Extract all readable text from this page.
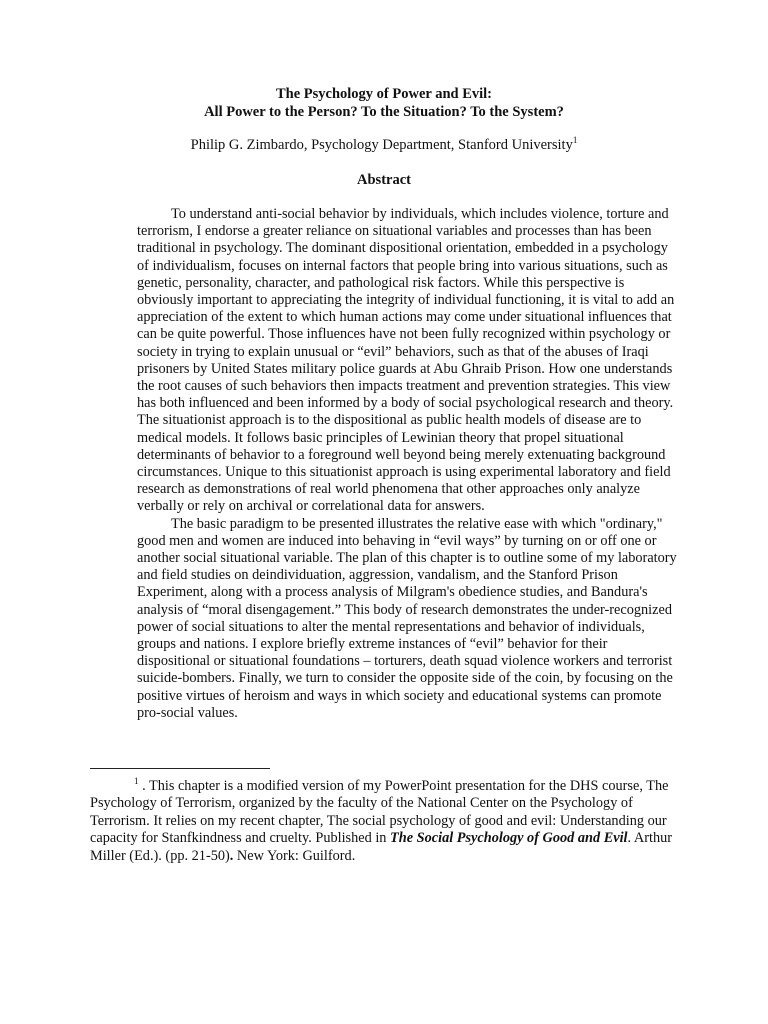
The Psychology of Power and Evil:
All Power to the Person? To the Situation? To the System?

Philip G. Zimbardo, Psychology Department, Stanford University$^1$

Abstract

To understand anti-social behavior by individuals, which includes violence, torture and terrorism, I endorse a greater reliance on situational variables and processes than has been traditional in psychology. The dominant dispositional orientation, embedded in a psychology of individualism, focuses on internal factors that people bring into various situations, such as genetic, personality, character, and pathological risk factors. While this perspective is obviously important to appreciating the integrity of individual functioning, it is vital to add an appreciation of the extent to which human actions may come under situational influences that can be quite powerful. Those influences have not been fully recognized within psychology or society in trying to explain unusual or “evil” behaviors, such as that of the abuses of Iraqi prisoners by United States military police guards at Abu Ghraib Prison. How one understands the root causes of such behaviors then impacts treatment and prevention strategies. This view has both influenced and been informed by a body of social psychological research and theory. The situationist approach is to the dispositional as public health models of disease are to medical models. It follows basic principles of Lewinian theory that propel situational determinants of behavior to a foreground well beyond being merely extenuating background circumstances. Unique to this situationist approach is using experimental laboratory and field research as demonstrations of real world phenomena that other approaches only analyze verbally or rely on archival or correlational data for answers.

The basic paradigm to be presented illustrates the relative ease with which "ordinary," good men and women are induced into behaving in “evil ways” by turning on or off one or another social situational variable. The plan of this chapter is to outline some of my laboratory and field studies on deindividuation, aggression, vandalism, and the Stanford Prison Experiment, along with a process analysis of Milgram's obedience studies, and Bandura's analysis of “moral disengagement.” This body of research demonstrates the under-recognized power of social situations to alter the mental representations and behavior of individuals, groups and nations. I explore briefly extreme instances of “evil” behavior for their dispositional or situational foundations – torturers, death squad violence workers and terrorist suicide-bombers. Finally, we turn to consider the opposite side of the coin, by focusing on the positive virtues of heroism and ways in which society and educational systems can promote pro-social values.

$^1$ . This chapter is a modified version of my PowerPoint presentation for the DHS course, The Psychology of Terrorism, organized by the faculty of the National Center on the Psychology of Terrorism. It relies on my recent chapter, The social psychology of good and evil: Understanding our capacity for Stanfkindness and cruelty. Published in The Social Psychology of Good and Evil. Arthur Miller (Ed.). (pp. 21-50). New York: Guilford.
